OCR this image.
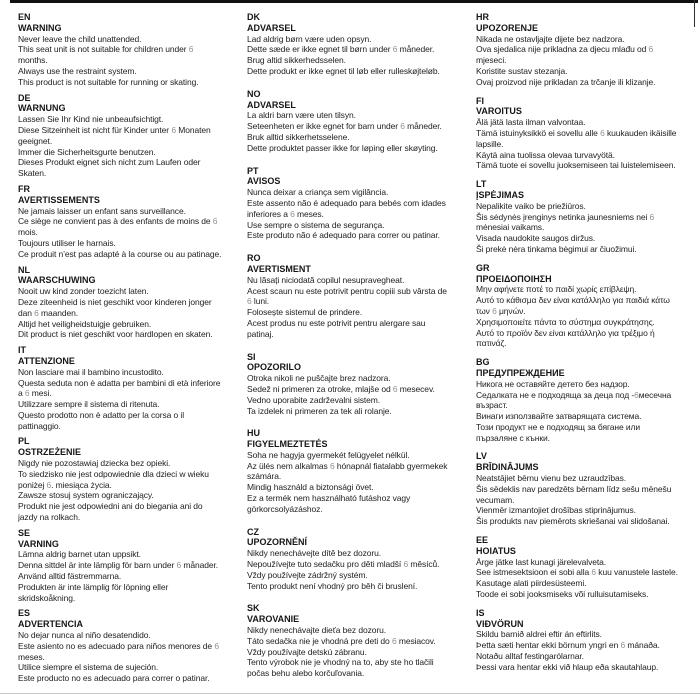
EN
WARNING

Never leave the child unattended.

This seat unit is not suitable for children under 6

months.

Always use the restraint system.

This product is not suitable for running or skating.

DE
WARNUNG

Lassen Sie Ihr Kind nie unbeaufsichtigt.

Diese Sitzeinheit ist nicht für Kinder unter 6 Monaten

geeignet.

Immer die Sicherheitsgurte benutzen.

Dieses Produkt eignet sich nicht zum Laufen oder

Skaten.

FR
AVERTISSEMENTS

Ne jamais laisser un enfant sans surveillance.

Ce siège ne convient pas à des enfants de moins de 6

mois.

Toujours utiliser le harnais.

Ce produit n’est pas adapté à la course ou au patinage.

NL
WAARSCHUWING

Nooit uw kind zonder toezicht laten.

Deze ziteenheid is niet geschikt voor kinderen jonger

dan 6 maanden.

Altijd het veiligheidstuigje gebruiken.

Dit product is niet geschikt voor hardlopen en skaten.

IT
ATTENZIONE

Non lasciare mai il bambino incustodito.

Questa seduta non è adatta per bambini di età inferiore

a 6 mesi.

Utilizzare sempre il sistema di ritenuta.

Questo prodotto non è adatto per la corsa o il

pattinaggio.

PL
OSTRZEŻENIE

Nigdy nie pozostawiaj dziecka bez opieki.

To siedzisko nie jest odpowiednie dla dzieci w wieku

poniżej 6. miesiąca życia.

Zawsze stosuj system ograniczający.

Produkt nie jest odpowiedni ani do biegania ani do

jazdy na rolkach.

SE
VARNING

Lämna aldrig barnet utan uppsikt.

Denna sittdel är inte lämplig för barn under 6 månader.

Använd alltid fästremmarna.

Produkten är inte lämplig för löpning eller

skridskoåkning.

ES
ADVERTENCIA

No dejar nunca al niño desatendido.

Este asiento no es adecuado para niños menores de 6

meses.

Utilice siempre el sistema de sujeción.

Este producto no es adecuado para correr o patinar.

DK
ADVARSEL

Lad aldrig børn være uden opsyn.

Dette sæde er ikke egnet til børn under 6 måneder.

Brug altid sikkerhedsselen.

Dette produkt er ikke egnet til løb eller rulleskøjteløb.

NO
ADVARSEL

La aldri barn være uten tilsyn.

Seteenheten er ikke egnet for barn under 6 måneder.

Bruk alltid sikkerhetsselene.

Dette produktet passer ikke for løping eller skøyting.

PT
AVISOS

Nunca deixar a criança sem vigilância.

Este assento não é adequado para bebés com idades

inferiores a 6 meses.

Use sempre o sistema de segurança.

Este produto não é adequado para correr ou patinar.

RO
AVERTISMENT

Nu lăsați niciodată copilul nesupravegheat.

Acest scaun nu este potrivit pentru copiii sub vârsta de

6 luni.

Folosește sistemul de prindere.

Acest produs nu este potrivit pentru alergare sau

patinaj.

SI
OPOZORILO

Otroka nikoli ne puščajte brez nadzora.

Sedež ni primeren za otroke, mlajše od 6 mesecev.

Vedno uporabite zadrževalni sistem.

Ta izdelek ni primeren za tek ali rolanje.

HU
FIGYELMEZTETÉS

Soha ne hagyja gyermekét felügyelet nélkül.

Az ülés nem alkalmas 6 hónapnál fiatalabb gyermekek

számára.

Mindig használd a biztonsági övet.

Ez a termék nem használható futáshoz vagy

görkorcsolyázáshoz.

CZ
UPOZORNĚNÍ

Nikdy nenechávejte dítě bez dozoru.

Nepoužívejte tuto sedačku pro děti mladší 6 měsíců.

Vždy používejte zádržný systém.

Tento produkt není vhodný pro běh či bruslení.

SK
VAROVANIE

Nikdy nenechávajte dieťa bez dozoru.

Táto sedačka nie je vhodná pre deti do 6 mesiacov.

Vždy používajte detskú zábranu.

Tento výrobok nie je vhodný na to, aby ste ho tlačili

počas behu alebo korčuľovania.

HR
UPOZORENJE

Nikada ne ostavljajte dijete bez nadzora.

Ova sjedalica nije prikladna za djecu mlađu od 6

mjeseci.

Koristite sustav stezanja.

Ovaj proizvod nije prikladan za trčanje ili klizanje.

FI
VAROITUS

Älä jätä lasta ilman valvontaa.

Tämä istuinyksikkö ei sovellu alle 6 kuukauden ikäisille

lapsille.

Käytä aina tuolissa olevaa turvavyötä.

Tämä tuote ei sovellu juoksemiseen tai luistelemiseen.

LT
ĮSPĖJIMAS

Nepalikite vaiko be priežiūros.

Šis sėdynės įrenginys netinka jaunesniems nei 6

mėnesiai vaikams.

Visada naudokite saugos diržus.

Ši prekė nėra tinkama bėgimui ar čiuožimui.

GR
ΠΡΟΕΙΔΟΠΟΙΗΣΗ

Μην αφήνετε ποτέ το παιδί χωρίς επίβλεψη.

Αυτό το κάθισμα δεν είναι κατάλληλο για παιδιά κάτω

των 6 μηνών.

Χρησιμοποιείτε πάντα το σύστημα συγκράτησης.

Αυτό το προϊόν δεν είναι κατάλληλο για τρέξιμο ή

πατινάζ.

BG
ПРЕДУПРЕЖДЕНИЕ

Никога не оставяйте детето без надзор.

Седалката не е подходяща за деца под -6месечна

възраст.

Винаги използвайте затварящата система.

Този продукт не е подходящ за бягане или

пързаляне с кънки.

LV
BRĪDINĀJUMS

Neatstājiet bērnu vienu bez uzraudzības.

Šis sēdeklis nav paredzēts bērnam līdz sešu mēnešu

vecumam.

Vienmēr izmantojiet drošības stiprinājumus.

Šis produkts nav piemērots skriešanai vai slidošanai.

EE
HOIATUS

Ärge jätke last kunagi järelevalveta.

See istmesektsioon ei sobi alla 6 kuu vanustele lastele.

Kasutage alati piirdesüsteemi.

Toode ei sobi jooksmiseks või rulluisutamiseks.

IS
VIÐVÖRUN

Skildu barnið aldrei eftir án eftirlits.

Þetta sæti hentar ekki börnum yngri en 6 mánaða.

Notaðu alltaf festingarólarnar.

Þessi vara hentar ekki við hlaup eða skautahlaup.
